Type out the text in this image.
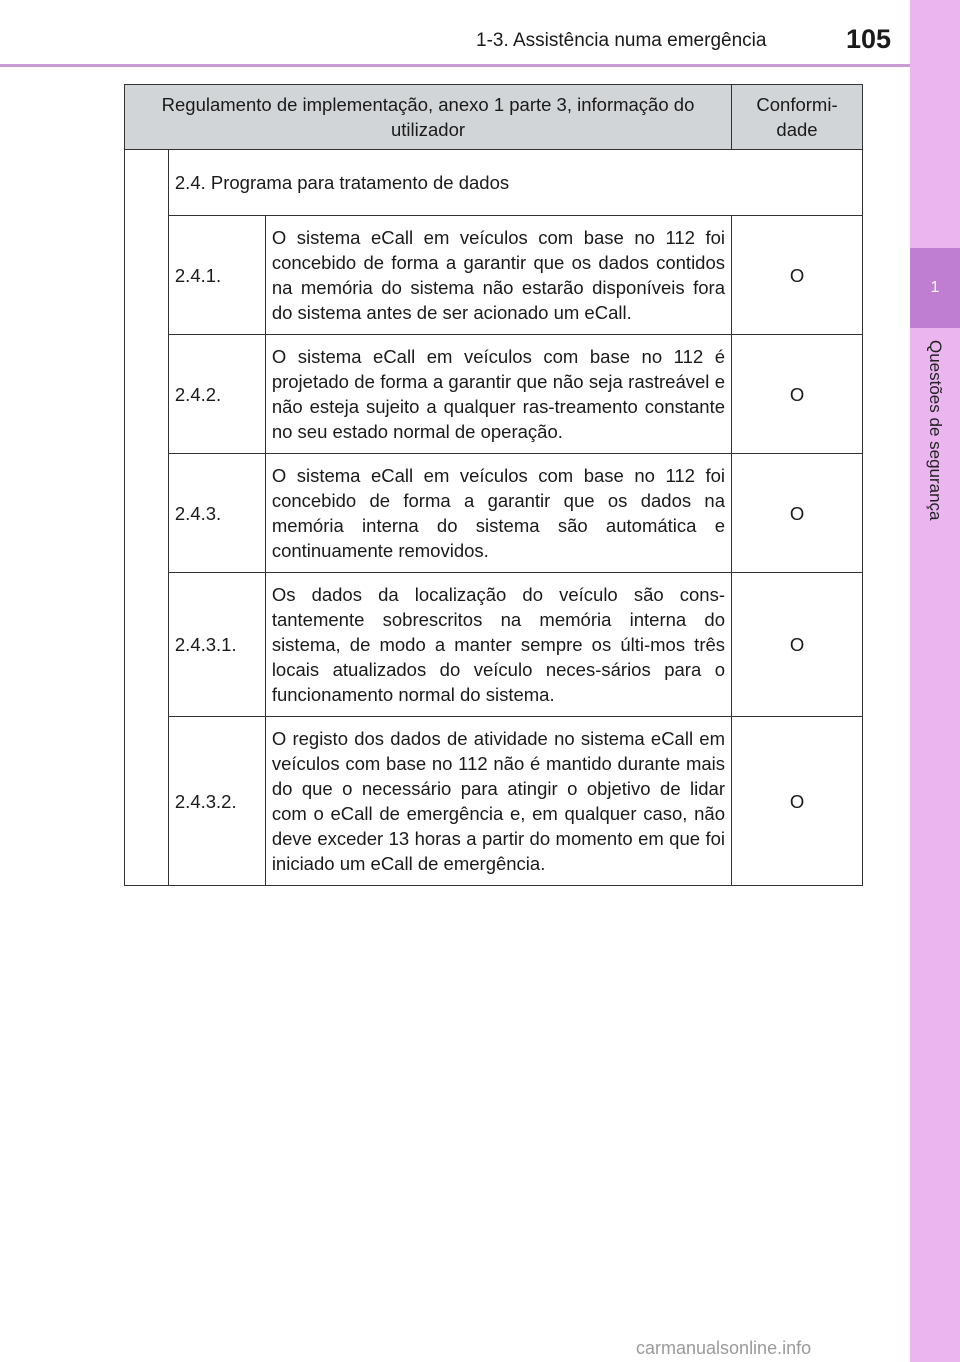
1-3. Assistência numa emergência	105
1
Questões de segurança
Regulamento de implementação, anexo 1 parte 3, informação do utilizador			Conformi-dade
	2.4. Programa para tratamento de dados		
	2.4.1.	O sistema eCall em veículos com base no 112 foi concebido de forma a garantir que os dados contidos na memória do sistema não estarão disponíveis fora do sistema antes de ser acionado um eCall.	O
	2.4.2.	O sistema eCall em veículos com base no 112 é projetado de forma a garantir que não seja rastreável e não esteja sujeito a qualquer ras-treamento constante no seu estado normal de operação.	O
	2.4.3.	O sistema eCall em veículos com base no 112 foi concebido de forma a garantir que os dados na memória interna do sistema são automática e continuamente removidos.	O
	2.4.3.1.	Os dados da localização do veículo são cons-tantemente sobrescritos na memória interna do sistema, de modo a manter sempre os últi-mos três locais atualizados do veículo neces-sários para o funcionamento normal do sistema.	O
	2.4.3.2.	O registo dos dados de atividade no sistema eCall em veículos com base no 112 não é mantido durante mais do que o necessário para atingir o objetivo de lidar com o eCall de emergência e, em qualquer caso, não deve exceder 13 horas a partir do momento em que foi iniciado um eCall de emergência.	O
carmanualsonline.info
